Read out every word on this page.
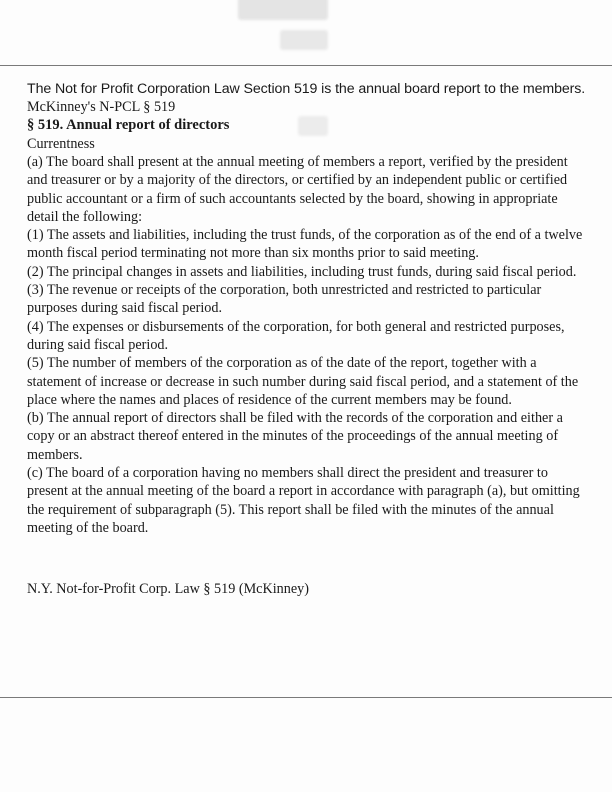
The Not for Profit Corporation Law Section 519 is the annual board report to the members.

McKinney's N-PCL § 519

§ 519. Annual report of directors

Currentness

(a) The board shall present at the annual meeting of members a report, verified by the president and treasurer or by a majority of the directors, or certified by an independent public or certified public accountant or a firm of such accountants selected by the board, showing in appropriate detail the following:

(1) The assets and liabilities, including the trust funds, of the corporation as of the end of a twelve month fiscal period terminating not more than six months prior to said meeting.

(2) The principal changes in assets and liabilities, including trust funds, during said fiscal period.

(3) The revenue or receipts of the corporation, both unrestricted and restricted to particular purposes during said fiscal period.

(4) The expenses or disbursements of the corporation, for both general and restricted purposes, during said fiscal period.

(5) The number of members of the corporation as of the date of the report, together with a statement of increase or decrease in such number during said fiscal period, and a statement of the place where the names and places of residence of the current members may be found.

(b) The annual report of directors shall be filed with the records of the corporation and either a copy or an abstract thereof entered in the minutes of the proceedings of the annual meeting of members.

(c) The board of a corporation having no members shall direct the president and treasurer to present at the annual meeting of the board a report in accordance with paragraph (a), but omitting the requirement of subparagraph (5). This report shall be filed with the minutes of the annual meeting of the board.

N.Y. Not-for-Profit Corp. Law § 519 (McKinney)
